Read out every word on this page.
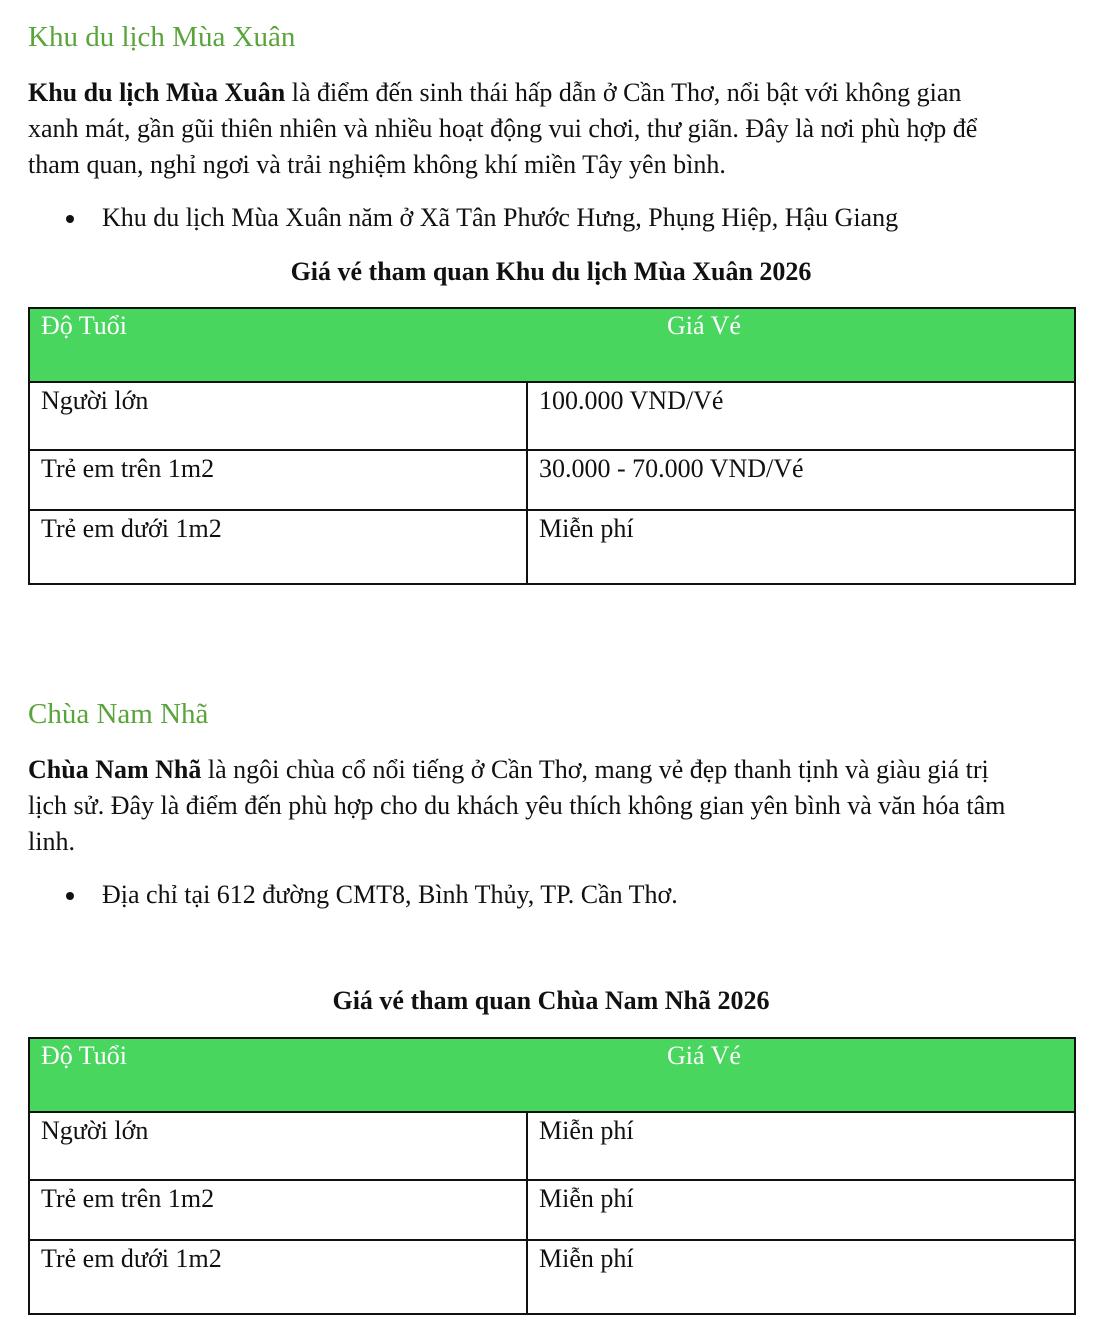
Khu du lịch Mùa Xuân

Khu du lịch Mùa Xuân là điểm đến sinh thái hấp dẫn ở Cần Thơ, nổi bật với không gian xanh mát, gần gũi thiên nhiên và nhiều hoạt động vui chơi, thư giãn. Đây là nơi phù hợp để tham quan, nghỉ ngơi và trải nghiệm không khí miền Tây yên bình.

Khu du lịch Mùa Xuân năm ở Xã Tân Phước Hưng, Phụng Hiệp, Hậu Giang

Giá vé tham quan Khu du lịch Mùa Xuân 2026

Độ Tuổi	Giá Vé
Người lớn	100.000 VND/Vé
Trẻ em trên 1m2	30.000 - 70.000 VND/Vé
Trẻ em dưới 1m2	Miễn phí
Chùa Nam Nhã

Chùa Nam Nhã là ngôi chùa cổ nổi tiếng ở Cần Thơ, mang vẻ đẹp thanh tịnh và giàu giá trị lịch sử. Đây là điểm đến phù hợp cho du khách yêu thích không gian yên bình và văn hóa tâm linh.

Địa chỉ tại 612 đường CMT8, Bình Thủy, TP. Cần Thơ.

Giá vé tham quan Chùa Nam Nhã 2026

Độ Tuổi	Giá Vé
Người lớn	Miễn phí
Trẻ em trên 1m2	Miễn phí
Trẻ em dưới 1m2	Miễn phí
